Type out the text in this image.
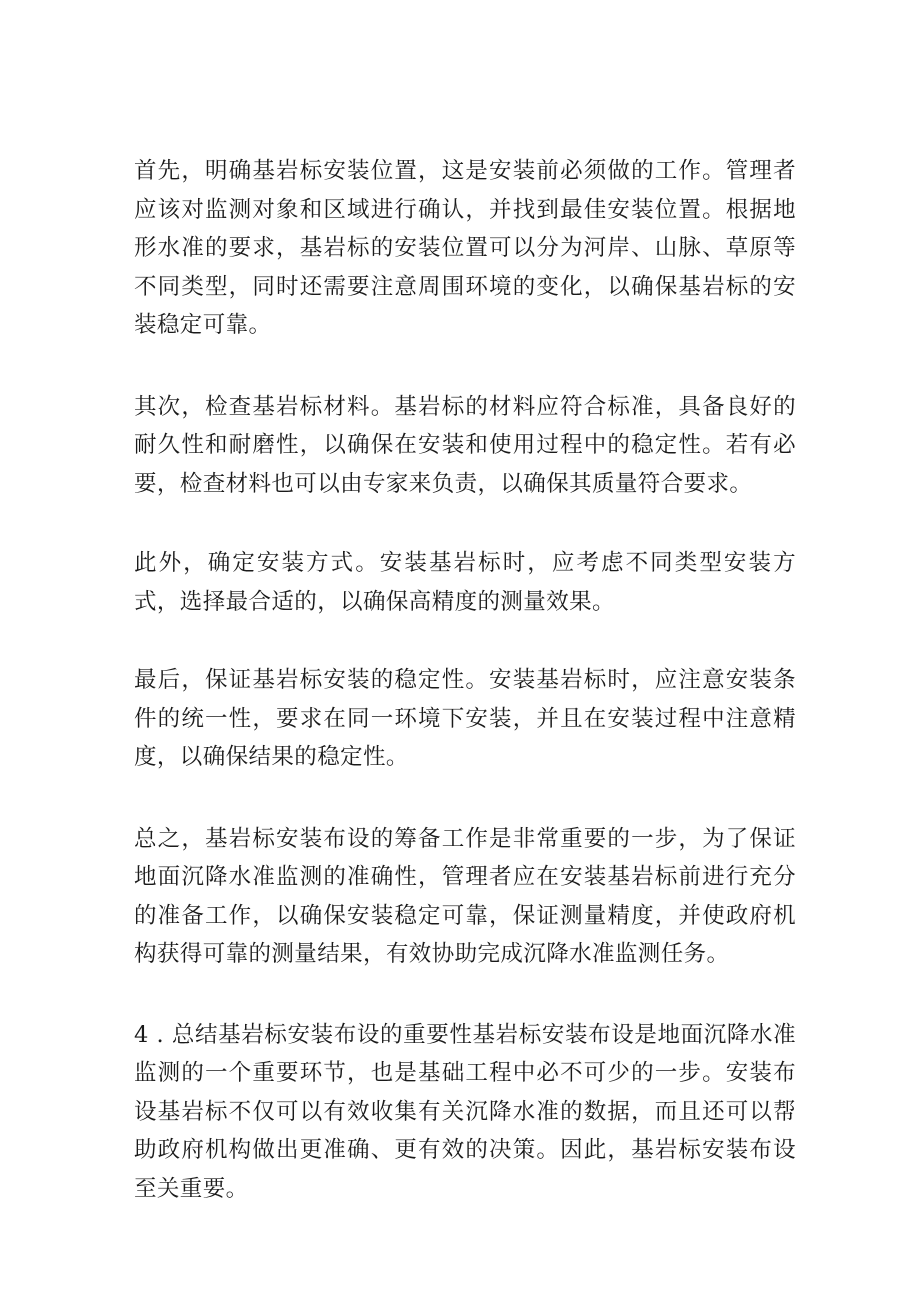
首先，明确基岩标安装位置，这是安装前必须做的工作。管理者应该对监测对象和区域进行确认，并找到最佳安装位置。根据地形水准的要求，基岩标的安装位置可以分为河岸、山脉、草原等不同类型，同时还需要注意周围环境的变化，以确保基岩标的安装稳定可靠。

其次，检查基岩标材料。基岩标的材料应符合标准，具备良好的耐久性和耐磨性，以确保在安装和使用过程中的稳定性。若有必要，检查材料也可以由专家来负责，以确保其质量符合要求。

此外，确定安装方式。安装基岩标时，应考虑不同类型安装方式，选择最合适的，以确保高精度的测量效果。

最后，保证基岩标安装的稳定性。安装基岩标时，应注意安装条件的统一性，要求在同一环境下安装，并且在安装过程中注意精度，以确保结果的稳定性。

总之，基岩标安装布设的筹备工作是非常重要的一步，为了保证地面沉降水准监测的准确性，管理者应在安装基岩标前进行充分的准备工作，以确保安装稳定可靠，保证测量精度，并使政府机构获得可靠的测量结果，有效协助完成沉降水准监测任务。

4 . 总结基岩标安装布设的重要性基岩标安装布设是地面沉降水准监测的一个重要环节，也是基础工程中必不可少的一步。安装布设基岩标不仅可以有效收集有关沉降水准的数据，而且还可以帮助政府机构做出更准确、更有效的决策。因此，基岩标安装布设至关重要。
